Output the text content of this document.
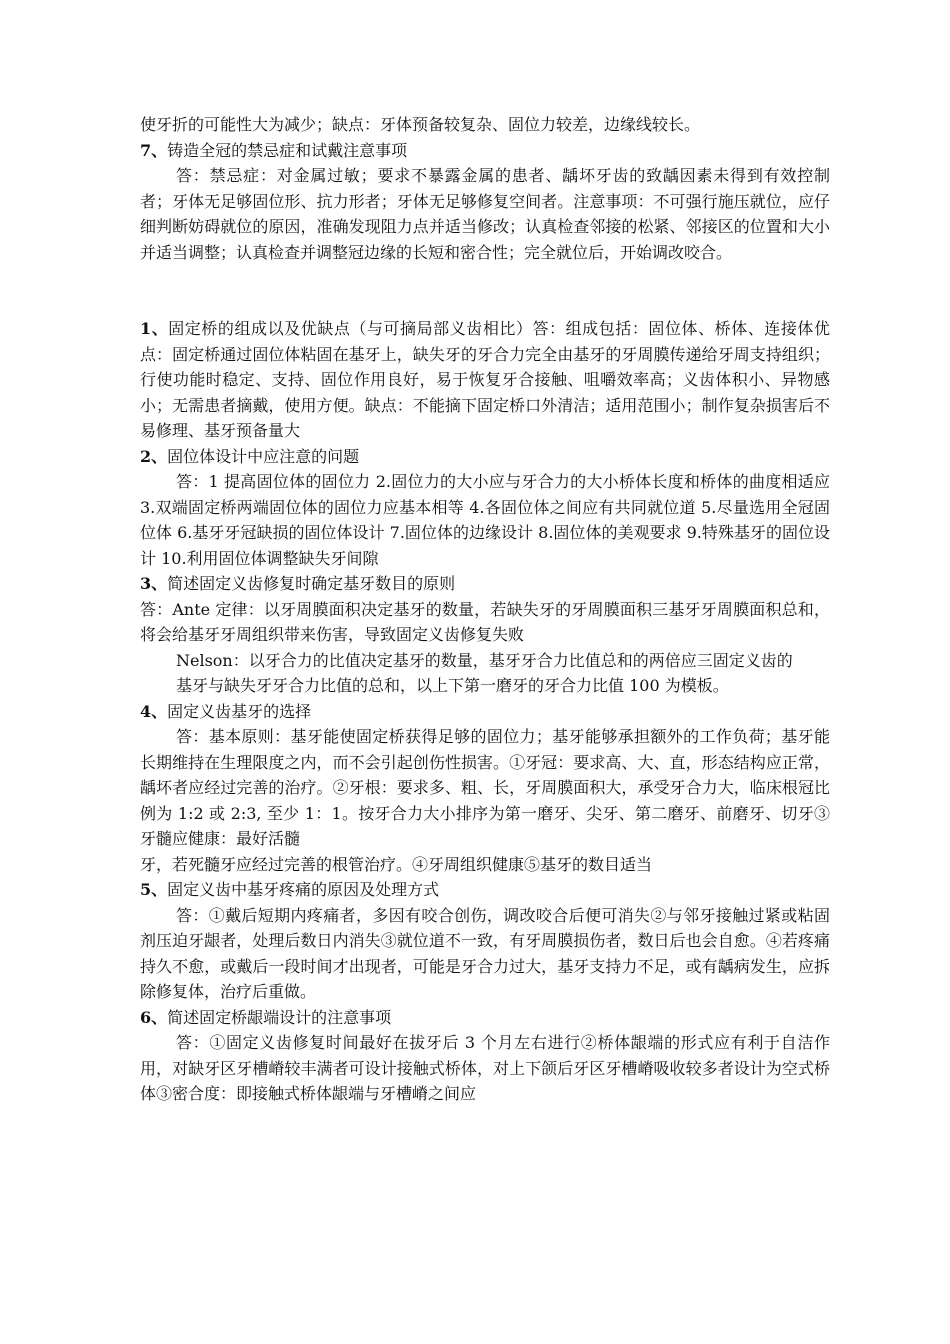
使牙折的可能性大为减少；缺点：牙体预备较复杂、固位力较差，边缘线较长。

7、铸造全冠的禁忌症和试戴注意事项

答：禁忌症：对金属过敏；要求不暴露金属的患者、龋坏牙齿的致龋因素未得到有效控制者；牙体无足够固位形、抗力形者；牙体无足够修复空间者。注意事项：不可强行施压就位，应仔细判断妨碍就位的原因，准确发现阻力点并适当修改；认真检查邻接的松紧、邻接区的位置和大小并适当调整；认真检查并调整冠边缘的长短和密合性；完全就位后，开始调改咬合。

1、固定桥的组成以及优缺点（与可摘局部义齿相比）答：组成包括：固位体、桥体、连接体优点：固定桥通过固位体粘固在基牙上，缺失牙的牙合力完全由基牙的牙周膜传递给牙周支持组织；行使功能时稳定、支持、固位作用良好，易于恢复牙合接触、咀嚼效率高；义齿体积小、异物感小；无需患者摘戴，使用方便。缺点：不能摘下固定桥口外清洁；适用范围小；制作复杂损害后不易修理、基牙预备量大

2、固位体设计中应注意的问题

答：1 提高固位体的固位力 2.固位力的大小应与牙合力的大小桥体长度和桥体的曲度相适应 3.双端固定桥两端固位体的固位力应基本相等 4.各固位体之间应有共同就位道 5.尽量选用全冠固位体 6.基牙牙冠缺损的固位体设计 7.固位体的边缘设计 8.固位体的美观要求 9.特殊基牙的固位设计 10.利用固位体调整缺失牙间隙

3、简述固定义齿修复时确定基牙数目的原则

答：Ante 定律：以牙周膜面积决定基牙的数量，若缺失牙的牙周膜面积三基牙牙周膜面积总和，将会给基牙牙周组织带来伤害，导致固定义齿修复失败

Nelson：以牙合力的比值决定基牙的数量，基牙牙合力比值总和的两倍应三固定义齿的

基牙与缺失牙牙合力比值的总和，以上下第一磨牙的牙合力比值 100 为模板。

4、固定义齿基牙的选择

答：基本原则：基牙能使固定桥获得足够的固位力；基牙能够承担额外的工作负荷；基牙能长期维持在生理限度之内，而不会引起创伤性损害。①牙冠：要求高、大、直，形态结构应正常，龋坏者应经过完善的治疗。②牙根：要求多、粗、长，牙周膜面积大，承受牙合力大，临床根冠比例为 1:2 或 2:3, 至少 1：1。按牙合力大小排序为第一磨牙、尖牙、第二磨牙、前磨牙、切牙③牙髓应健康：最好活髓

牙，若死髓牙应经过完善的根管治疗。④牙周组织健康⑤基牙的数目适当

5、固定义齿中基牙疼痛的原因及处理方式

答：①戴后短期内疼痛者，多因有咬合创伤，调改咬合后便可消失②与邻牙接触过紧或粘固剂压迫牙龈者，处理后数日内消失③就位道不一致，有牙周膜损伤者，数日后也会自愈。④若疼痛持久不愈，或戴后一段时间才出现者，可能是牙合力过大，基牙支持力不足，或有龋病发生，应拆除修复体，治疗后重做。

6、简述固定桥龈端设计的注意事项

答：①固定义齿修复时间最好在拔牙后 3 个月左右进行②桥体龈端的形式应有利于自洁作用，对缺牙区牙槽嵴较丰满者可设计接触式桥体，对上下颌后牙区牙槽嵴吸收较多者设计为空式桥体③密合度：即接触式桥体龈端与牙槽嵴之间应
